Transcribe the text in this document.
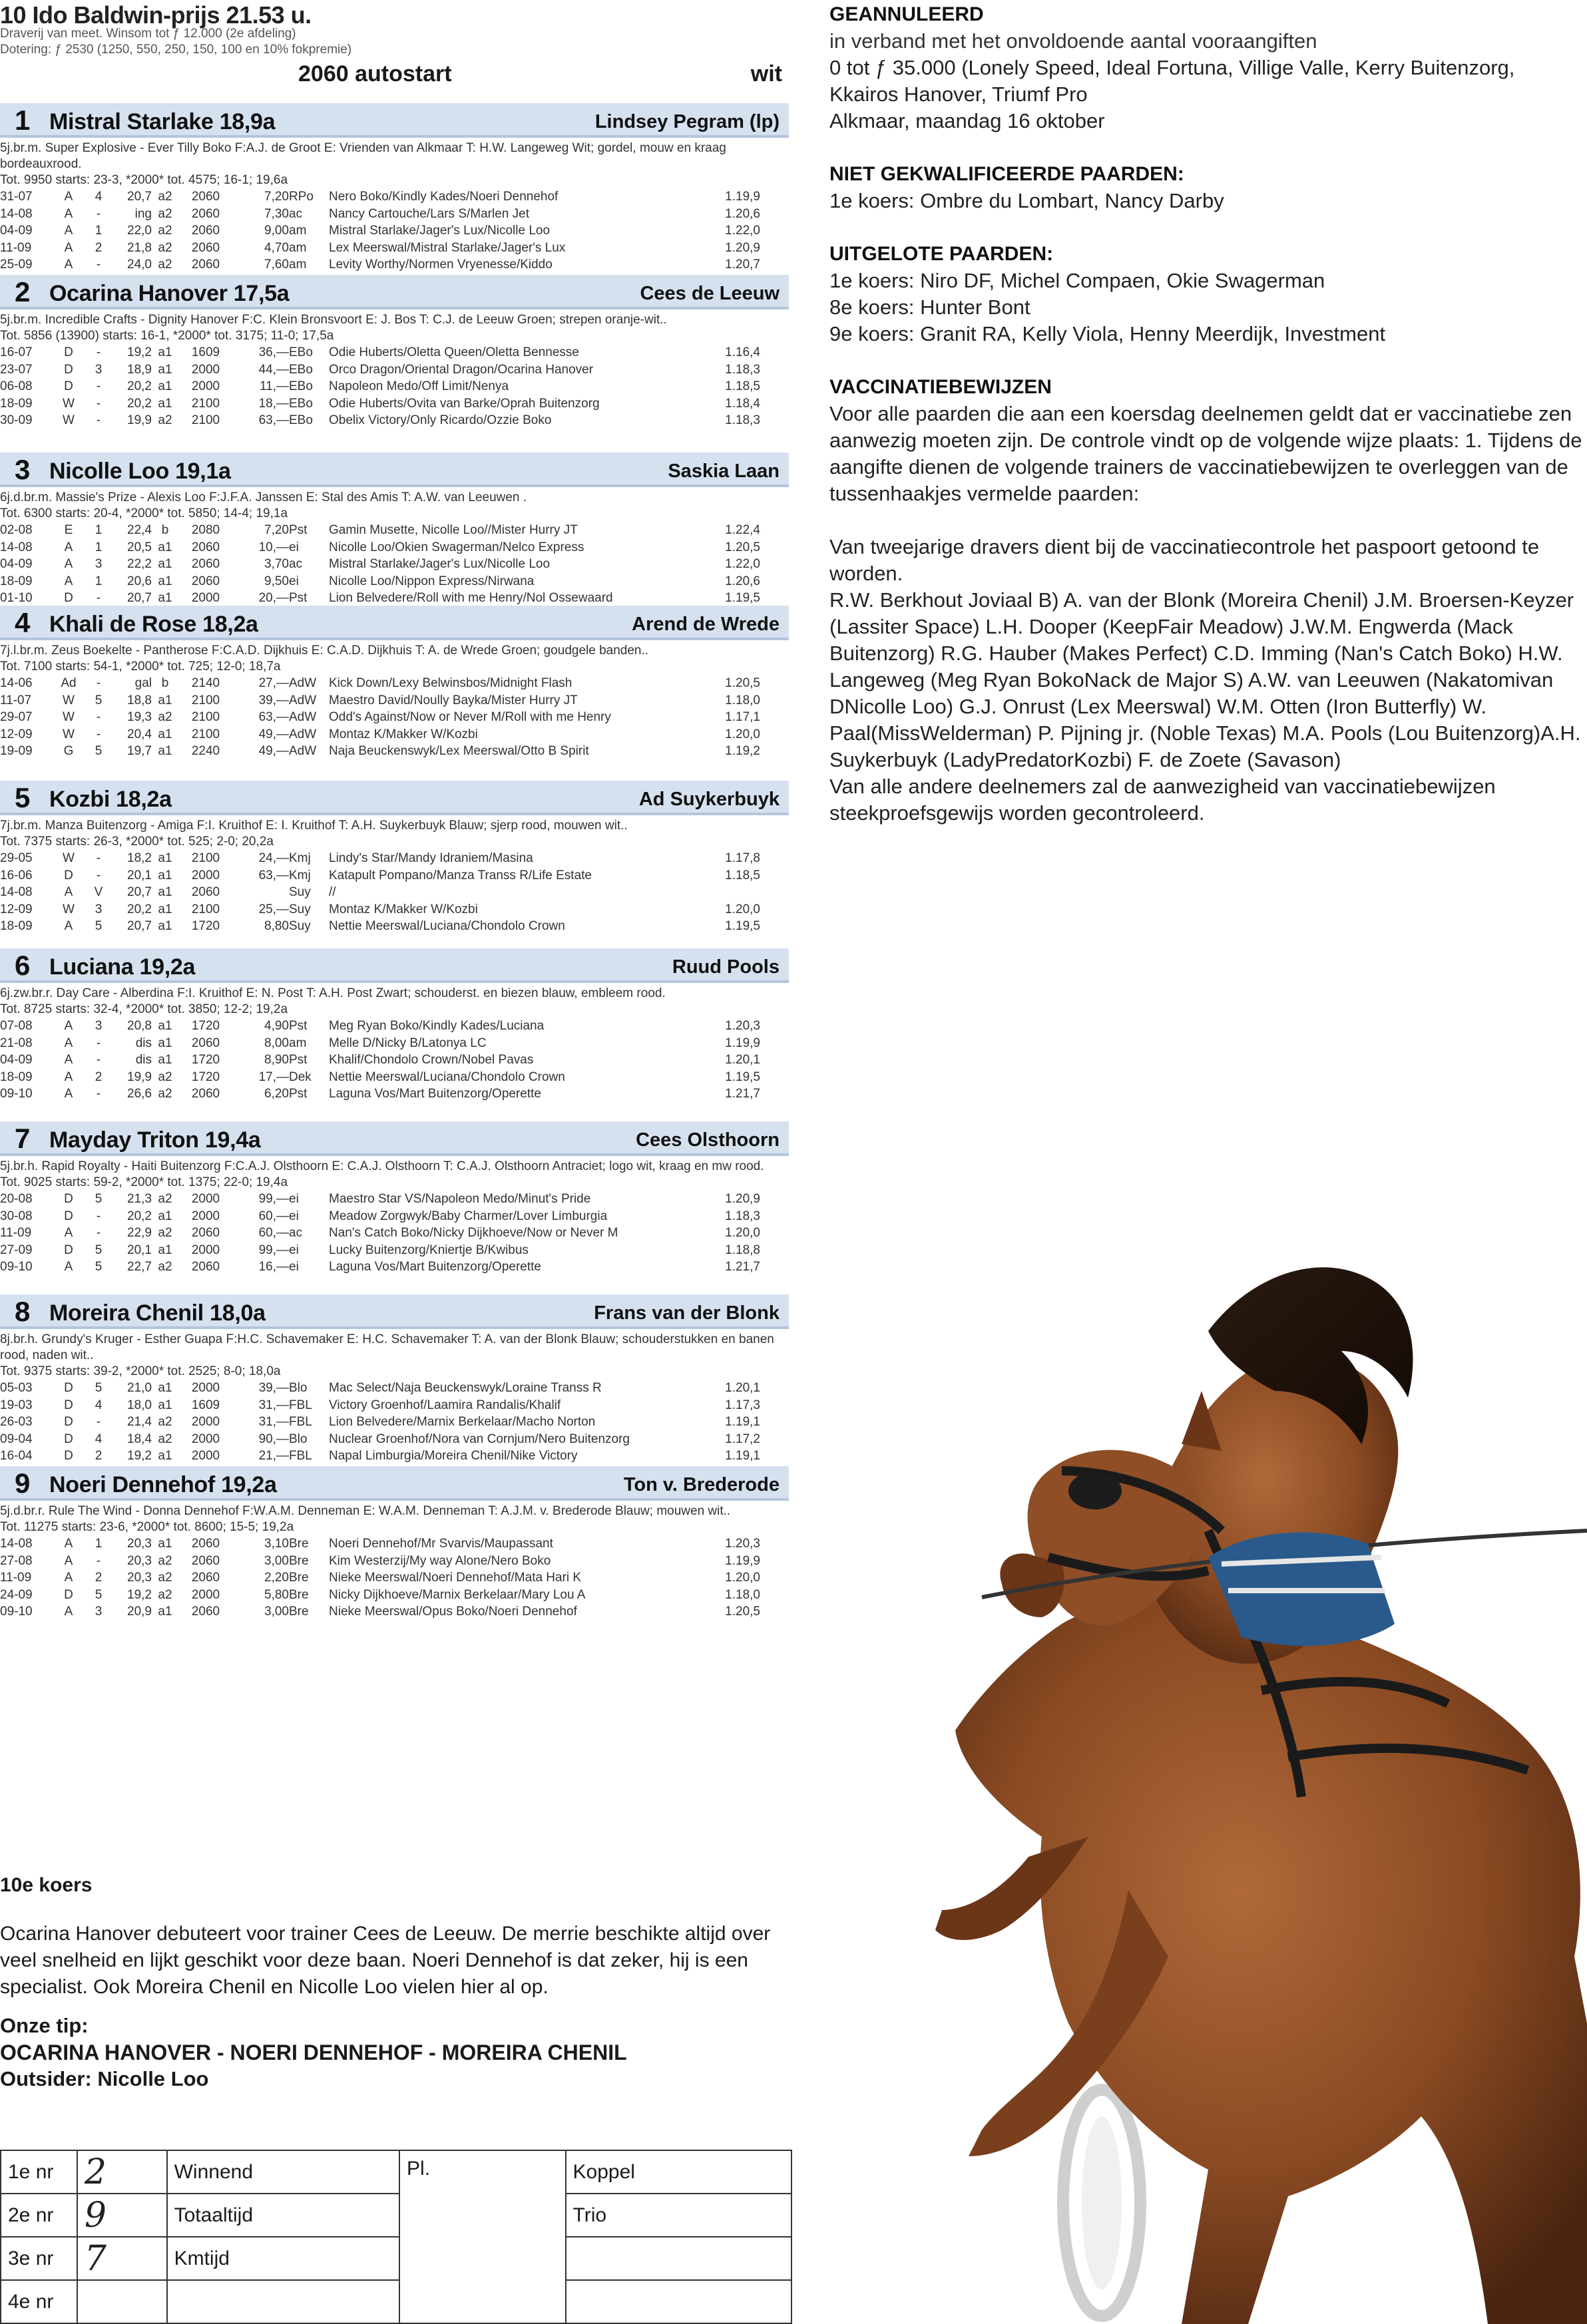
10 Ido Baldwin-prijs 21.53 u.
Draverij van meet. Winsom tot ƒ 12.000 (2e afdeling)
Dotering: ƒ 2530 (1250, 550, 250, 150, 100 en 10% fokpremie)
2060 autostart	wit
1 Mistral Starlake 18,9a	Lindsey Pegram (lp)
5j.br.m. Super Explosive - Ever Tilly Boko F:A.J. de Groot E: Vrienden van Alkmaar T: H.W. Langeweg Wit; gordel, mouw en kraag bordeauxrood.
Tot. 9950 starts: 23-3, *2000* tot. 4575; 16-1; 19,6a
31-07	A	4	20,7	a2	2060	7,20	RPo	Nero Boko/Kindly Kades/Noeri Dennehof	1.19,9
14-08	A	-	ing	a2	2060	7,30	ac	Nancy Cartouche/Lars S/Marlen Jet	1.20,6
04-09	A	1	22,0	a2	2060	9,00	am	Mistral Starlake/Jager's Lux/Nicolle Loo	1.22,0
11-09	A	2	21,8	a2	2060	4,70	am	Lex Meerswal/Mistral Starlake/Jager's Lux	1.20,9
25-09	A	-	24,0	a2	2060	7,60	am	Levity Worthy/Normen Vryenesse/Kiddo	1.20,7
2 Ocarina Hanover 17,5a	Cees de Leeuw
5j.br.m. Incredible Crafts - Dignity Hanover F:C. Klein Bronsvoort E: J. Bos T: C.J. de Leeuw Groen; strepen oranje-wit..
Tot. 5856 (13900) starts: 16-1, *2000* tot. 3175; 11-0; 17,5a
16-07	D	-	19,2	a1	1609	36,—	EBo	Odie Huberts/Oletta Queen/Oletta Bennesse	1.16,4
23-07	D	3	18,9	a1	2000	44,—	EBo	Orco Dragon/Oriental Dragon/Ocarina Hanover	1.18,3
06-08	D	-	20,2	a1	2000	11,—	EBo	Napoleon Medo/Off Limit/Nenya	1.18,5
18-09	W	-	20,2	a1	2100	18,—	EBo	Odie Huberts/Ovita van Barke/Oprah Buitenzorg	1.18,4
30-09	W	-	19,9	a2	2100	63,—	EBo	Obelix Victory/Only Ricardo/Ozzie Boko	1.18,3
3 Nicolle Loo 19,1a	Saskia Laan
6j.d.br.m. Massie's Prize - Alexis Loo F:J.F.A. Janssen E: Stal des Amis T: A.W. van Leeuwen .
Tot. 6300 starts: 20-4, *2000* tot. 5850; 14-4; 19,1a
02-08	E	1	22,4	b	2080	7,20	Pst	Gamin Musette, Nicolle Loo//Mister Hurry JT	1.22,4
14-08	A	1	20,5	a1	2060	10,—	ei	Nicolle Loo/Okien Swagerman/Nelco Express	1.20,5
04-09	A	3	22,2	a1	2060	3,70	ac	Mistral Starlake/Jager's Lux/Nicolle Loo	1.22,0
18-09	A	1	20,6	a1	2060	9,50	ei	Nicolle Loo/Nippon Express/Nirwana	1.20,6
01-10	D	-	20,7	a1	2000	20,—	Pst	Lion Belvedere/Roll with me Henry/Nol Ossewaard	1.19,5
4 Khali de Rose 18,2a	Arend de Wrede
7j.l.br.m. Zeus Boekelte - Pantherose F:C.A.D. Dijkhuis E: C.A.D. Dijkhuis T: A. de Wrede Groen; goudgele banden..
Tot. 7100 starts: 54-1, *2000* tot. 725; 12-0; 18,7a
14-06	Ad	-	gal	b	2140	27,—	AdW	Kick Down/Lexy Belwinsbos/Midnight Flash	1.20,5
11-07	W	5	18,8	a1	2100	39,—	AdW	Maestro David/Noully Bayka/Mister Hurry JT	1.18,0
29-07	W	-	19,3	a2	2100	63,—	AdW	Odd's Against/Now or Never M/Roll with me Henry	1.17,1
12-09	W	-	20,4	a1	2100	49,—	AdW	Montaz K/Makker W/Kozbi	1.20,0
19-09	G	5	19,7	a1	2240	49,—	AdW	Naja Beuckenswyk/Lex Meerswal/Otto B Spirit	1.19,2
5 Kozbi 18,2a	Ad Suykerbuyk
7j.br.m. Manza Buitenzorg - Amiga F:I. Kruithof E: I. Kruithof T: A.H. Suykerbuyk Blauw; sjerp rood, mouwen wit..
Tot. 7375 starts: 26-3, *2000* tot. 525; 2-0; 20,2a
29-05	W	-	18,2	a1	2100	24,—	Kmj	Lindy's Star/Mandy Idraniem/Masina	1.17,8
16-06	D	-	20,1	a1	2000	63,—	Kmj	Katapult Pompano/Manza Transs R/Life Estate	1.18,5
14-08	A	V	20,7	a1	2060		Suy	//	
12-09	W	3	20,2	a1	2100	25,—	Suy	Montaz K/Makker W/Kozbi	1.20,0
18-09	A	5	20,7	a1	1720	8,80	Suy	Nettie Meerswal/Luciana/Chondolo Crown	1.19,5
6 Luciana 19,2a	Ruud Pools
6j.zw.br.r. Day Care - Alberdina F:I. Kruithof E: N. Post T: A.H. Post Zwart; schouderst. en biezen blauw, embleem rood.
Tot. 8725 starts: 32-4, *2000* tot. 3850; 12-2; 19,2a
07-08	A	3	20,8	a1	1720	4,90	Pst	Meg Ryan Boko/Kindly Kades/Luciana	1.20,3
21-08	A	-	dis	a1	2060	8,00	am	Melle D/Nicky B/Latonya LC	1.19,9
04-09	A	-	dis	a1	1720	8,90	Pst	Khalif/Chondolo Crown/Nobel Pavas	1.20,1
18-09	A	2	19,9	a2	1720	17,—	Dek	Nettie Meerswal/Luciana/Chondolo Crown	1.19,5
09-10	A	-	26,6	a2	2060	6,20	Pst	Laguna Vos/Mart Buitenzorg/Operette	1.21,7
7 Mayday Triton 19,4a	Cees Olsthoorn
5j.br.h. Rapid Royalty - Haiti Buitenzorg F:C.A.J. Olsthoorn E: C.A.J. Olsthoorn T: C.A.J. Olsthoorn Antraciet; logo wit, kraag en mw rood.
Tot. 9025 starts: 59-2, *2000* tot. 1375; 22-0; 19,4a
20-08	D	5	21,3	a2	2000	99,—	ei	Maestro Star VS/Napoleon Medo/Minut's Pride	1.20,9
30-08	D	-	20,2	a1	2000	60,—	ei	Meadow Zorgwyk/Baby Charmer/Lover Limburgia	1.18,3
11-09	A	-	22,9	a2	2060	60,—	ac	Nan's Catch Boko/Nicky Dijkhoeve/Now or Never M	1.20,0
27-09	D	5	20,1	a1	2000	99,—	ei	Lucky Buitenzorg/Kniertje B/Kwibus	1.18,8
09-10	A	5	22,7	a2	2060	16,—	ei	Laguna Vos/Mart Buitenzorg/Operette	1.21,7
8 Moreira Chenil 18,0a	Frans van der Blonk
8j.br.h. Grundy's Kruger - Esther Guapa F:H.C. Schavemaker E: H.C. Schavemaker T: A. van der Blonk Blauw; schouderstukken en banen rood, naden wit..
Tot. 9375 starts: 39-2, *2000* tot. 2525; 8-0; 18,0a
05-03	D	5	21,0	a1	2000	39,—	Blo	Mac Select/Naja Beuckenswyk/Loraine Transs R	1.20,1
19-03	D	4	18,0	a1	1609	31,—	FBL	Victory Groenhof/Laamira Randalis/Khalif	1.17,3
26-03	D	-	21,4	a2	2000	31,—	FBL	Lion Belvedere/Marnix Berkelaar/Macho Norton	1.19,1
09-04	D	4	18,4	a2	2000	90,—	Blo	Nuclear Groenhof/Nora van Cornjum/Nero Buitenzorg	1.17,2
16-04	D	2	19,2	a1	2000	21,—	FBL	Napal Limburgia/Moreira Chenil/Nike Victory	1.19,1
9 Noeri Dennehof 19,2a	Ton v. Brederode
5j.d.br.r. Rule The Wind - Donna Dennehof F:W.A.M. Denneman E: W.A.M. Denneman T: A.J.M. v. Brederode Blauw; mouwen wit..
Tot. 11275 starts: 23-6, *2000* tot. 8600; 15-5; 19,2a
14-08	A	1	20,3	a1	2060	3,10	Bre	Noeri Dennehof/Mr Svarvis/Maupassant	1.20,3
27-08	A	-	20,3	a2	2060	3,00	Bre	Kim Westerzij/My way Alone/Nero Boko	1.19,9
11-09	A	2	20,3	a2	2060	2,20	Bre	Nieke Meerswal/Noeri Dennehof/Mata Hari K	1.20,0
24-09	D	5	19,2	a2	2000	5,80	Bre	Nicky Dijkhoeve/Marnix Berkelaar/Mary Lou A	1.18,0
09-10	A	3	20,9	a1	2060	3,00	Bre	Nieke Meerswal/Opus Boko/Noeri Dennehof	1.20,5
10e koers
Ocarina Hanover debuteert voor trainer Cees de Leeuw. De merrie beschikte altijd over veel snelheid en lijkt geschikt voor deze baan. Noeri Dennehof is dat zeker, hij is een specialist. Ook Moreira Chenil en Nicolle Loo vielen hier al op.
Onze tip:
OCARINA HANOVER - NOERI DENNEHOF - MOREIRA CHENIL
Outsider: Nicolle Loo
1e nr	2	Winnend	Pl.	Koppel
2e nr	9	Totaaltijd		Trio
3e nr	7	Kmtijd		
4e nr				
GEANNULEERD
in verband met het onvoldoende aantal vooraangiften
0 tot ƒ 35.000 (Lonely Speed, Ideal Fortuna, Villige Valle, Kerry Buitenzorg,
Kkairos Hanover, Triumf Pro
Alkmaar, maandag 16 oktober
NIET GEKWALIFICEERDE PAARDEN:
1e koers: Ombre du Lombart, Nancy Darby
UITGELOTE PAARDEN:
1e koers: Niro DF, Michel Compaen, Okie Swagerman
8e koers: Hunter Bont
9e koers: Granit RA, Kelly Viola, Henny Meerdijk, Investment
VACCINATIEBEWIJZEN
Voor alle paarden die aan een koersdag deelnemen geldt dat er vaccinatiebe zen aanwezig moeten zijn. De controle vindt op de volgende wijze plaats: 1. Tijdens de aangifte dienen de volgende trainers de vaccinatiebewijzen te overleggen van de tussenhaakjes vermelde paarden:
Van tweejarige dravers dient bij de vaccinatiecontrole het paspoort getoond te worden.
R.W. Berkhout Joviaal B) A. van der Blonk (Moreira Chenil) J.M. Broersen-Keyzer (Lassiter Space) L.H. Dooper (KeepFair Meadow) J.W.M. Engwerda (Mack Buitenzorg) R.G. Hauber (Makes Perfect) C.D. Imming (Nan's Catch Boko) H.W. Langeweg (Meg Ryan BokoNack de Major S) A.W. van Leeuwen (Nakatomivan DNicolle Loo) G.J. Onrust (Lex Meerswal) W.M. Otten (Iron Butterfly) W. Paal(MissWelderman) P. Pijning jr. (Noble Texas) M.A. Pools (Lou Buitenzorg)A.H. Suykerbuyk (LadyPredatorKozbi) F. de Zoete (Savason)
Van alle andere deelnemers zal de aanwezigheid van vaccinatiebewijzen steekproefsgewijs worden gecontroleerd.
